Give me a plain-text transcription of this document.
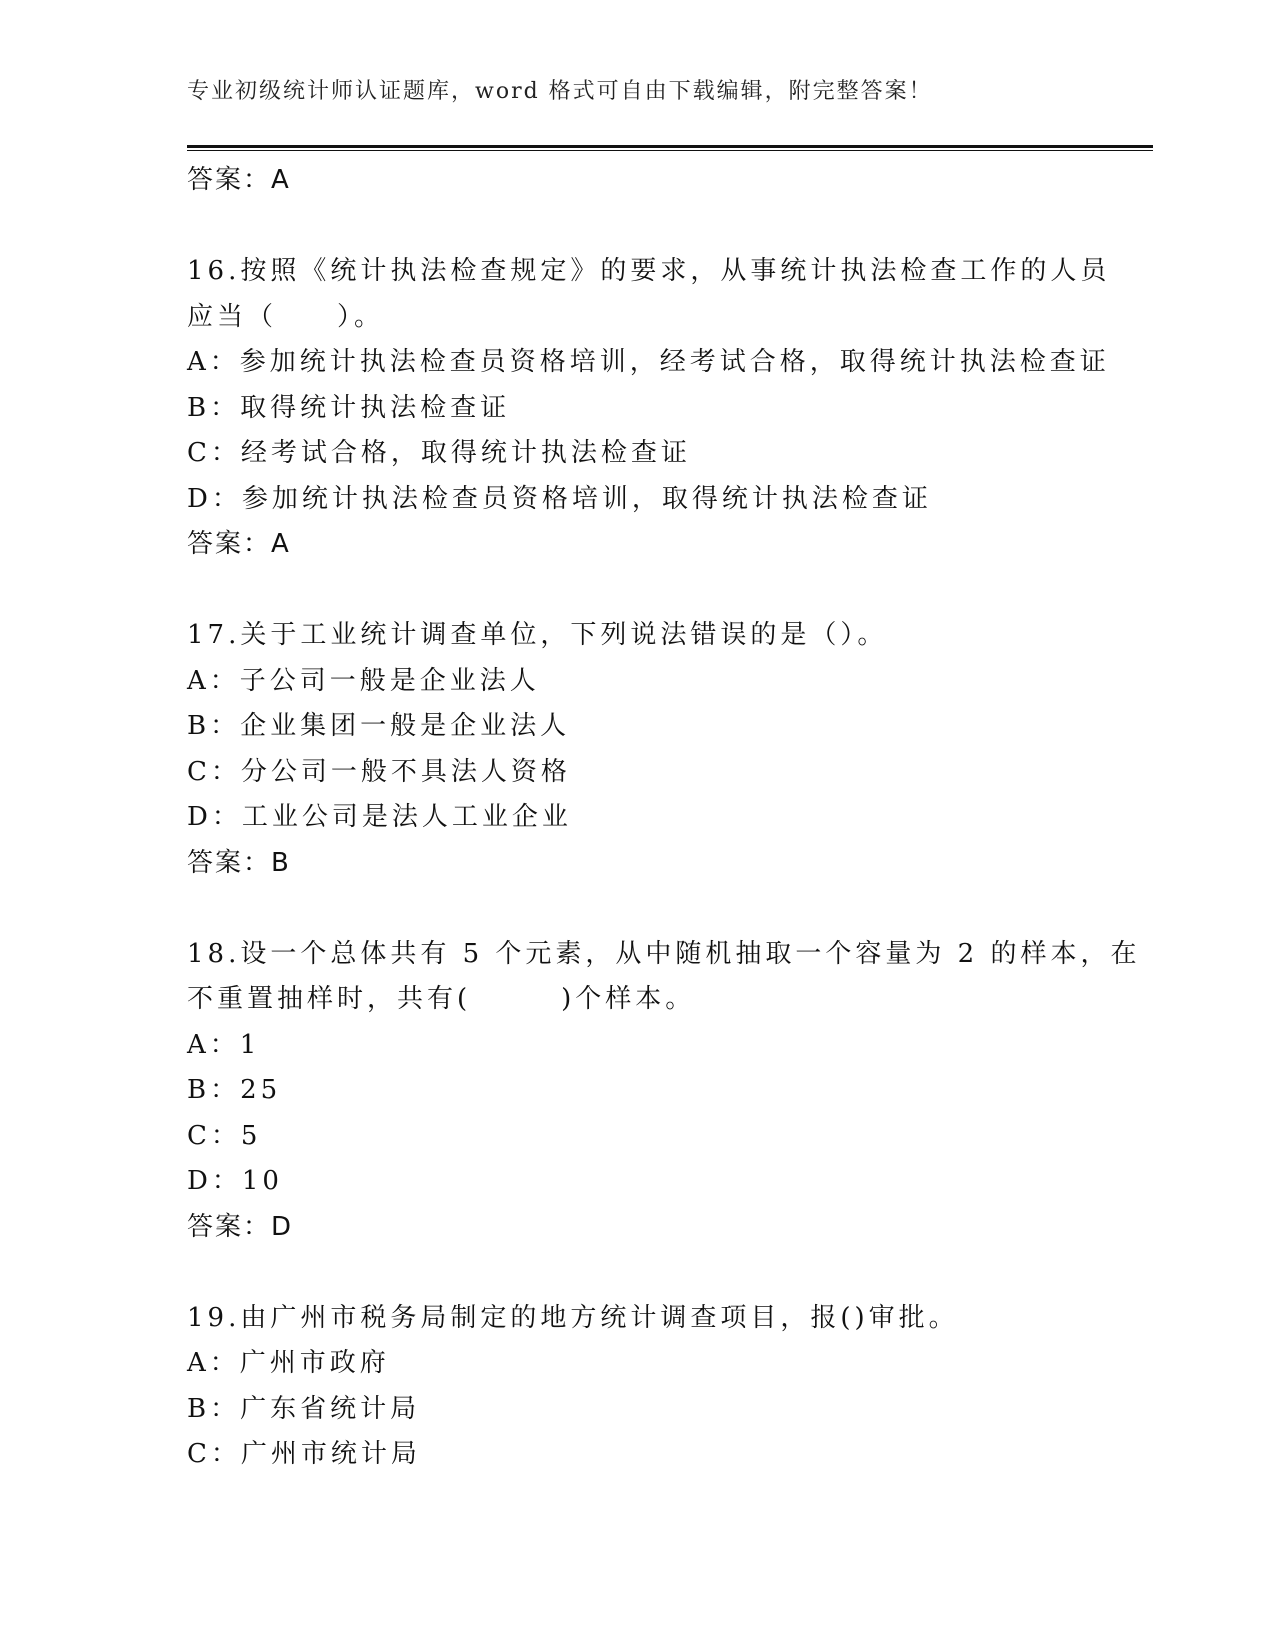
专业初级统计师认证题库，word 格式可自由下载编辑，附完整答案！
答案：A
16.按照《统计执法检查规定》的要求，从事统计执法检查工作的人员
应当（　　）。
A：参加统计执法检查员资格培训，经考试合格，取得统计执法检查证
B：取得统计执法检查证
C：经考试合格，取得统计执法检查证
D：参加统计执法检查员资格培训，取得统计执法检查证
答案：A
17.关于工业统计调查单位，下列说法错误的是（）。
A：子公司一般是企业法人
B：企业集团一般是企业法人
C：分公司一般不具法人资格
D：工业公司是法人工业企业
答案：B
18.设一个总体共有 5 个元素，从中随机抽取一个容量为 2 的样本，在
不重置抽样时，共有(　　　)个样本。
A：1
B：25
C：5
D：10
答案：D
19.由广州市税务局制定的地方统计调查项目，报()审批。
A：广州市政府
B：广东省统计局
C：广州市统计局
